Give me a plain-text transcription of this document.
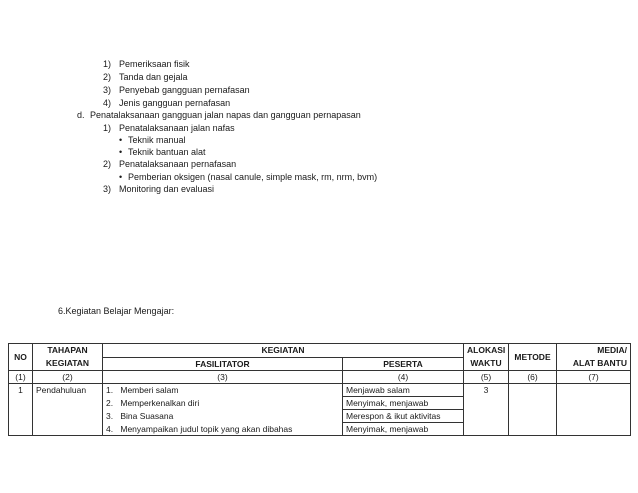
1) Pemeriksaan fisik
2) Tanda dan gejala
3) Penyebab gangguan pernafasan
4) Jenis gangguan pernafasan
d. Penatalaksanaan gangguan jalan napas dan gangguan pernapasan
1) Penatalaksanaan jalan nafas
• Teknik manual
• Teknik bantuan alat
2) Penatalaksanaan pernafasan
• Pemberian oksigen (nasal canule, simple mask, rm, nrm, bvm)
3) Monitoring dan evaluasi
6.Kegiatan Belajar Mengajar:
NO	TAHAPAN	KEGIATAN		ALOKASI	METODE	MEDIA/
	KEGIATAN	FASILITATOR	PESERTA	WAKTU		ALAT BANTU
(1)	(2)	(3)	(4)	(5)	(6)	(7)
1	Pendahuluan	1. Memberi salam	Menjawab salam	3		
		2. Memperkenalkan diri	Menyimak, menjawab			
		3. Bina Suasana	Merespon & ikut aktivitas			
		4. Menyampaikan judul topik yang akan dibahas	Menyimak, menjawab			
